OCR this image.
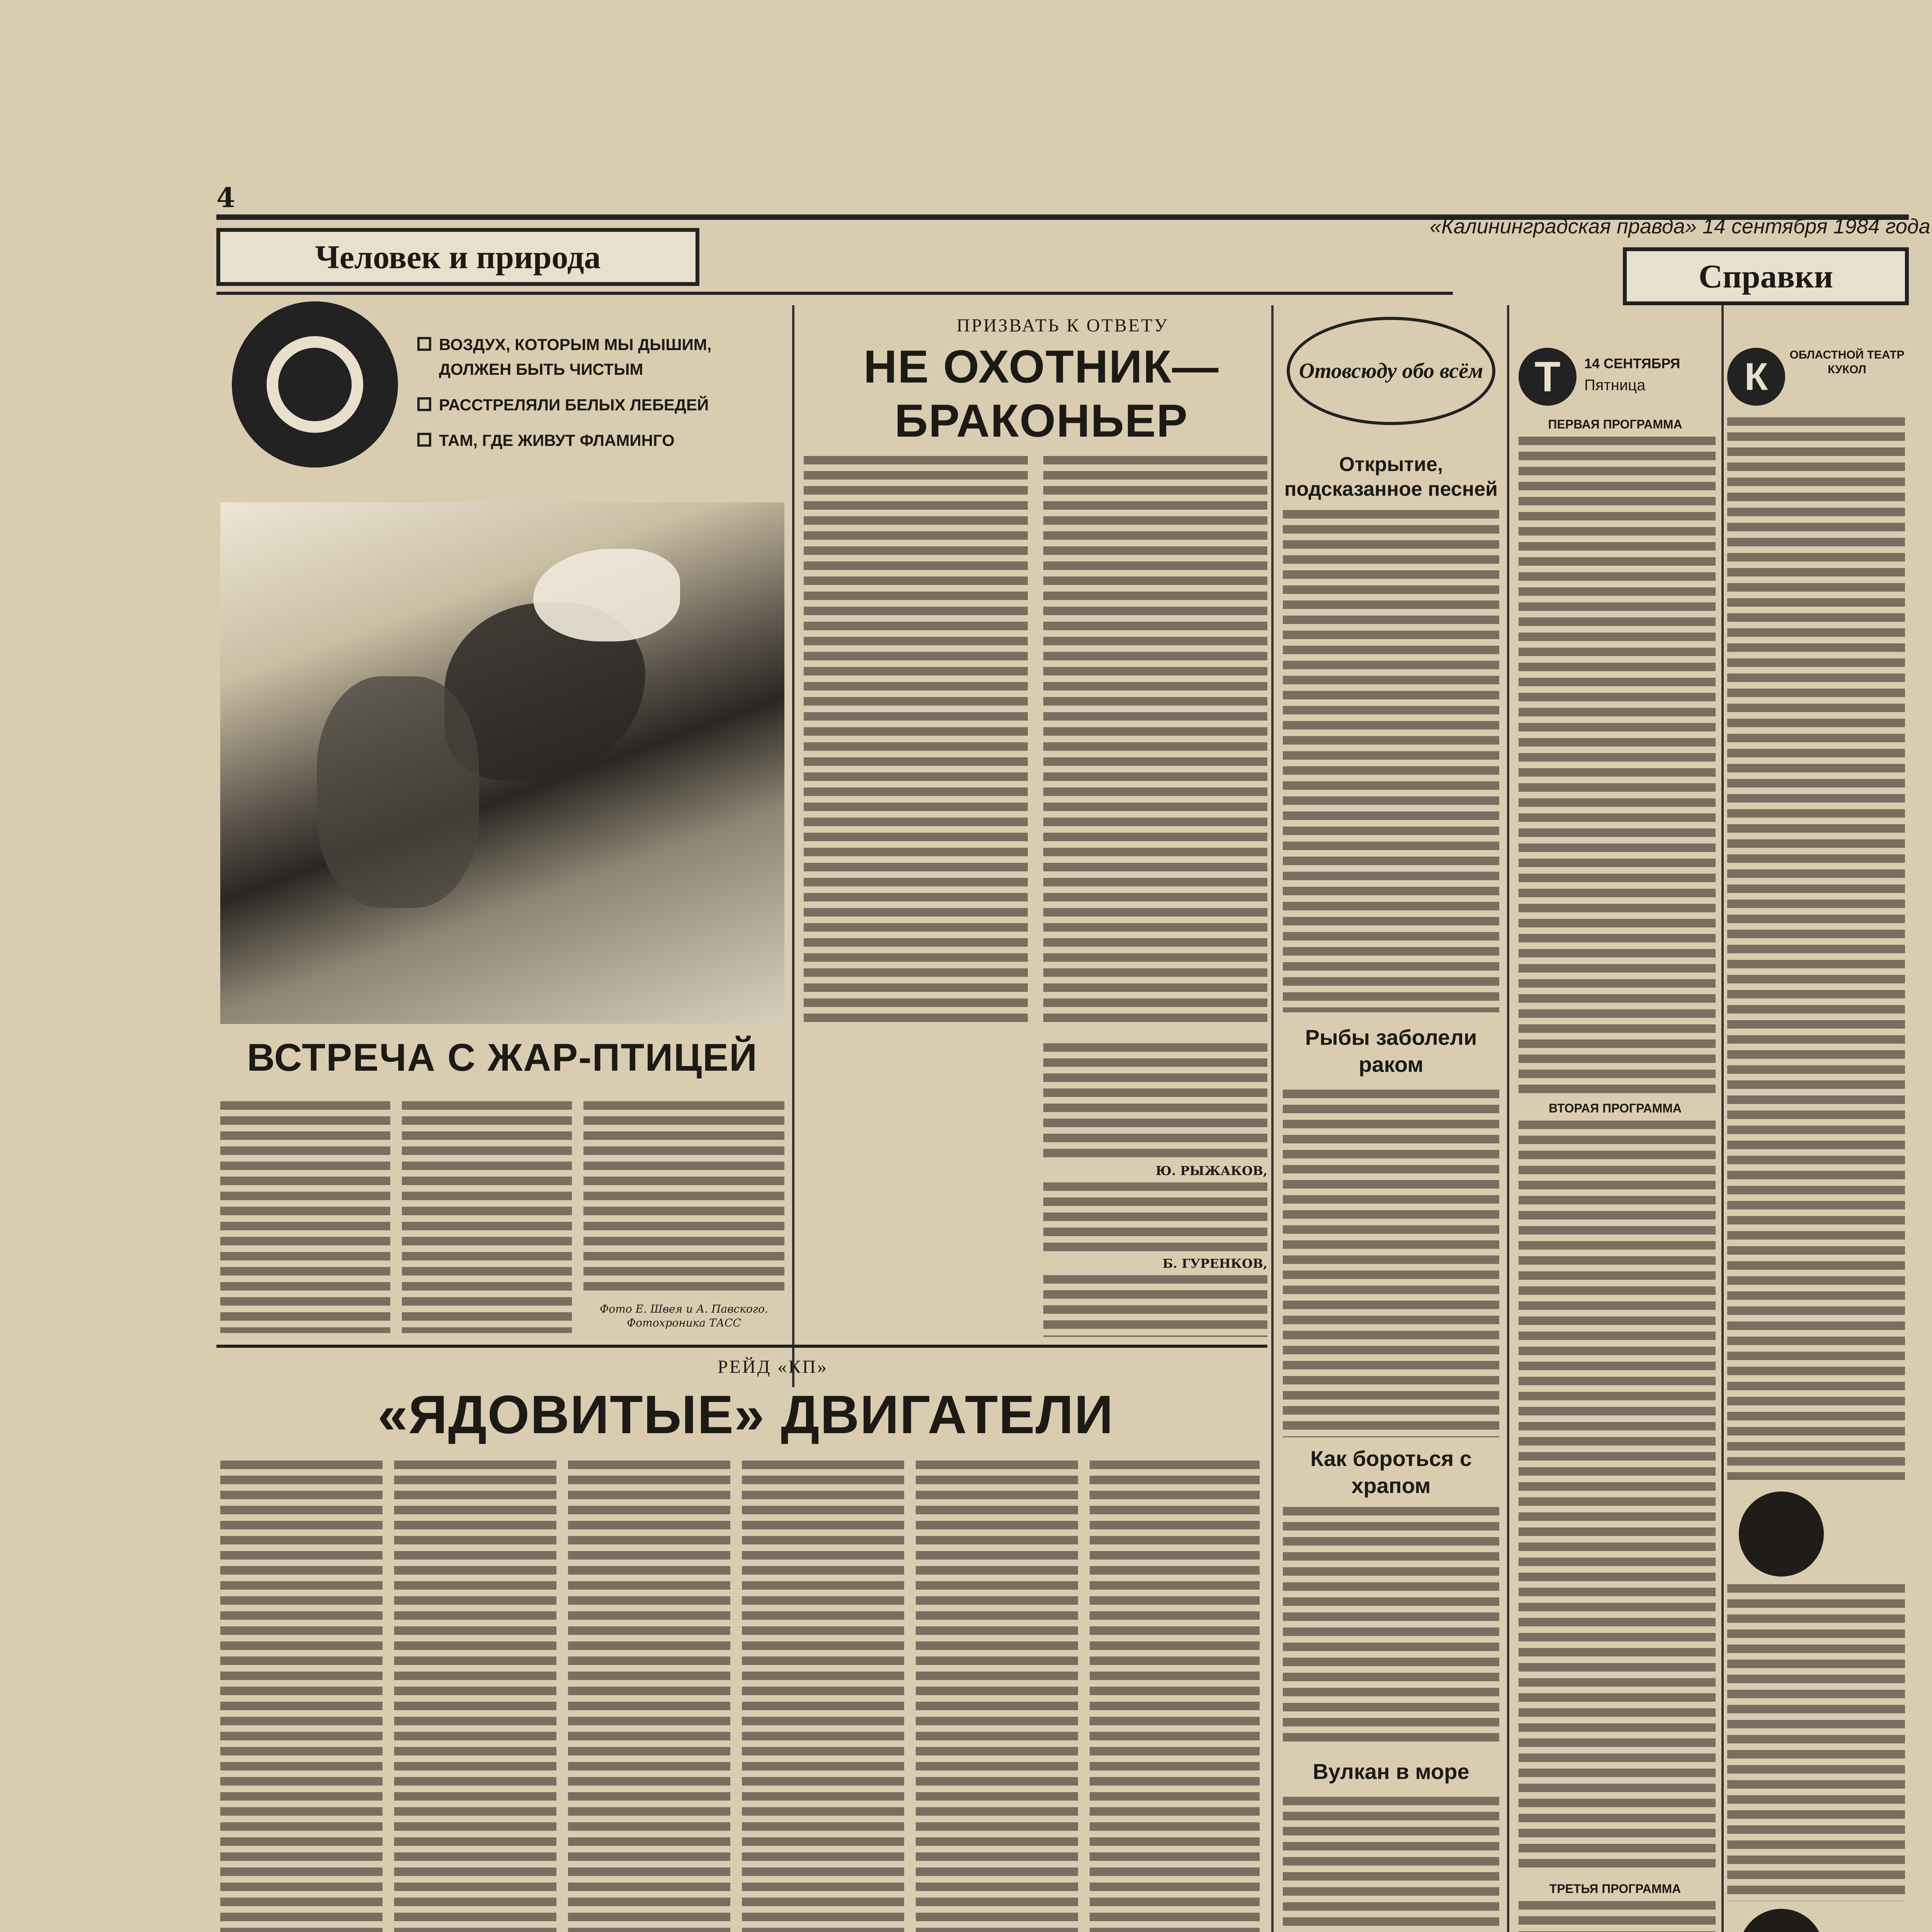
4
«Калининградская правда» 14 сентября 1984 года
Человек и природа
Справки
ВОЗДУХ, КОТОРЫМ МЫ ДЫШИМ, ДОЛЖЕН БЫТЬ ЧИСТЫМ
РАССТРЕЛЯЛИ БЕЛЫХ ЛЕБЕДЕЙ
ТАМ, ГДЕ ЖИВУТ ФЛАМИНГО
ПРИЗВАТЬ К ОТВЕТУ
НЕ ОХОТНИК—
БРАКОНЬЕР
Ю. РЫЖАКОВ,
Б. ГУРЕНКОВ,
ВСТРЕЧА С ЖАР-ПТИЦЕЙ
Фото Е. Швея и А. Павского. Фотохроника ТАСС
РЕЙД «КП»
«ЯДОВИТЫЕ» ДВИГАТЕЛИ
Отовсюду обо всём
Открытие, подсказанное песней
Рыбы заболели раком
Как бороться с храпом
Вулкан в море
Т	14 СЕНТЯБРЯ
Пятница
ПЕРВАЯ ПРОГРАММА
ВТОРАЯ ПРОГРАММА
ТРЕТЬЯ ПРОГРАММА
К	ОБЛАСТНОЙ ТЕАТР КУКОЛ
